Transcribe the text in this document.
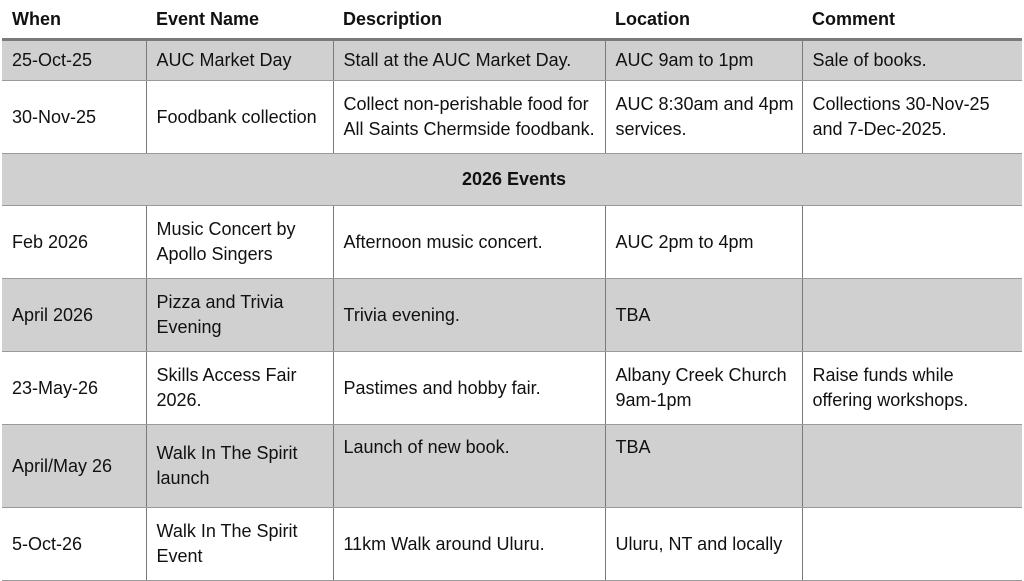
When	Event Name	Description	Location	Comment
25-Oct-25	AUC Market Day	Stall at the AUC Market Day.	AUC 9am to 1pm	Sale of books.
30-Nov-25	Foodbank collection	Collect non-perishable food for All Saints Chermside foodbank.	AUC 8:30am and 4pm services.	Collections 30-Nov-25 and 7-Dec-2025.
2026 Events				
Feb 2026	Music Concert by Apollo Singers	Afternoon music concert.	AUC 2pm to 4pm	
April 2026	Pizza and Trivia Evening	Trivia evening.	TBA	
23-May-26	Skills Access Fair 2026.	Pastimes and hobby fair.	Albany Creek Church 9am-1pm	Raise funds while offering workshops.
April/May 26	Walk In The Spirit launch	Launch of new book.	TBA	
5-Oct-26	Walk In The Spirit Event	11km Walk around Uluru.	Uluru, NT and locally	
